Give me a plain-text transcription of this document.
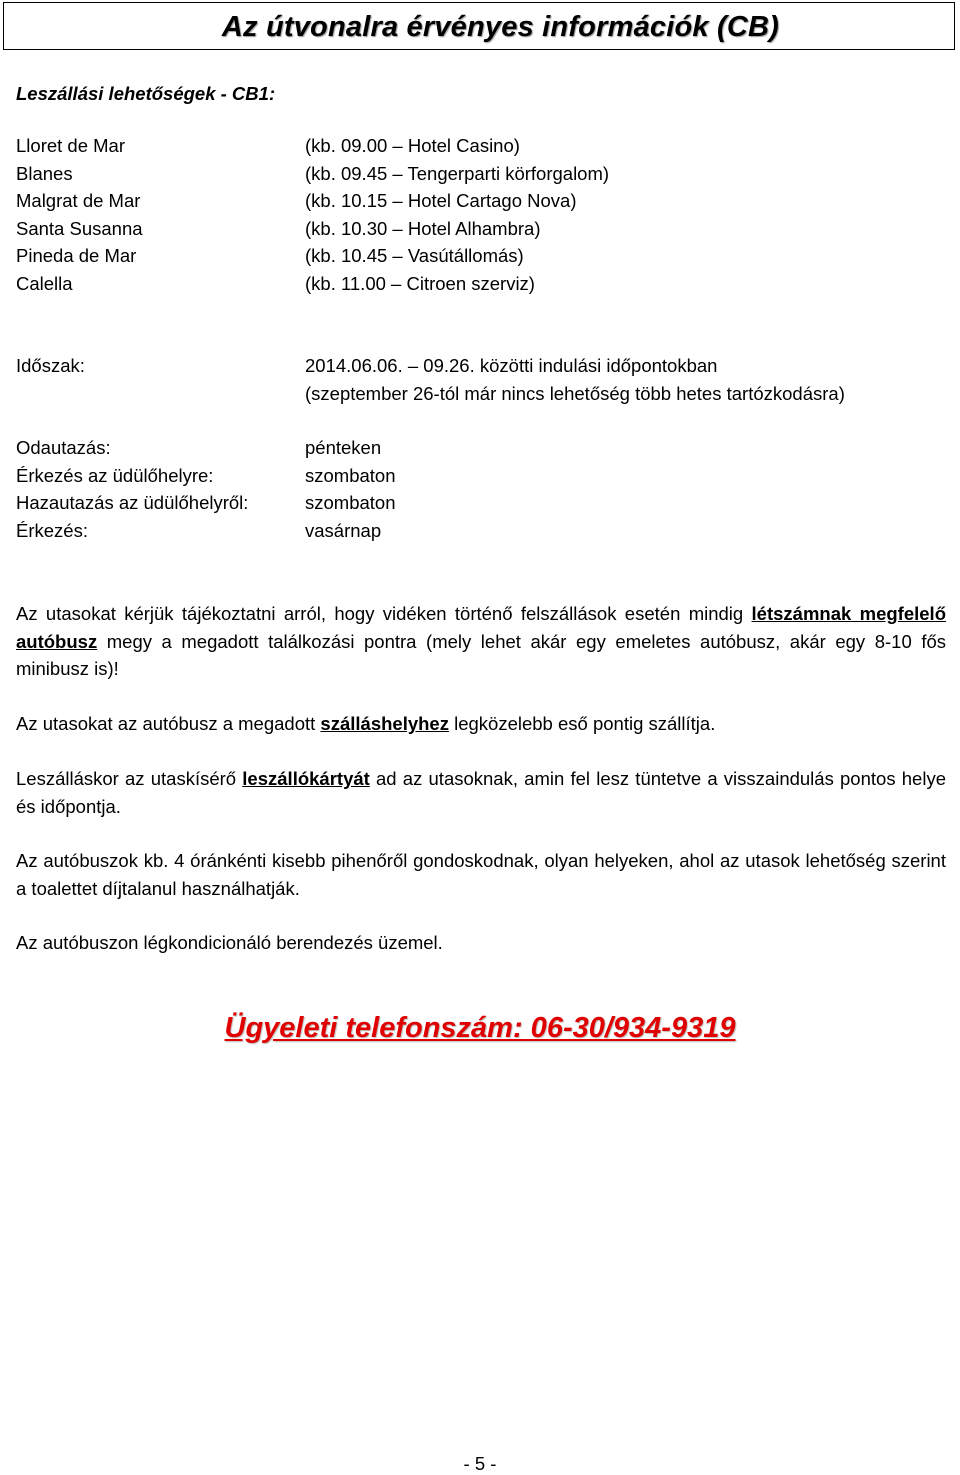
Az útvonalra érvényes információk (CB)
Leszállási lehetőségek - CB1:
Lloret de Mar
Blanes
Malgrat de Mar
Santa Susanna
Pineda de Mar
Calella
(kb. 09.00 – Hotel Casino)
(kb. 09.45 – Tengerparti körforgalom)
(kb. 10.15 – Hotel Cartago Nova)
(kb. 10.30 – Hotel Alhambra)
(kb. 10.45 – Vasútállomás)
(kb. 11.00 – Citroen szerviz)
Időszak:	2014.06.06. – 09.26. közötti indulási időpontokban
(szeptember 26-tól már nincs lehetőség több hetes tartózkodásra)
Odautazás:
Érkezés az üdülőhelyre:
Hazautazás az üdülőhelyről:
Érkezés:
pénteken
szombaton
szombaton
vasárnap
Az utasokat kérjük tájékoztatni arról, hogy vidéken történő felszállások esetén mindig létszámnak megfelelő autóbusz megy a megadott találkozási pontra (mely lehet akár egy emeletes autóbusz, akár egy 8-10 fős minibusz is)!
Az utasokat az autóbusz a megadott szálláshelyhez legközelebb eső pontig szállítja.
Leszálláskor az utaskísérő leszállókártyát ad az utasoknak, amin fel lesz tüntetve a visszaindulás pontos helye és időpontja.
Az autóbuszok kb. 4 óránkénti kisebb pihenőről gondoskodnak, olyan helyeken, ahol az utasok lehetőség szerint a toalettet díjtalanul használhatják.
Az autóbuszon légkondicionáló berendezés üzemel.
Ügyeleti telefonszám: 06-30/934-9319
- 5 -
